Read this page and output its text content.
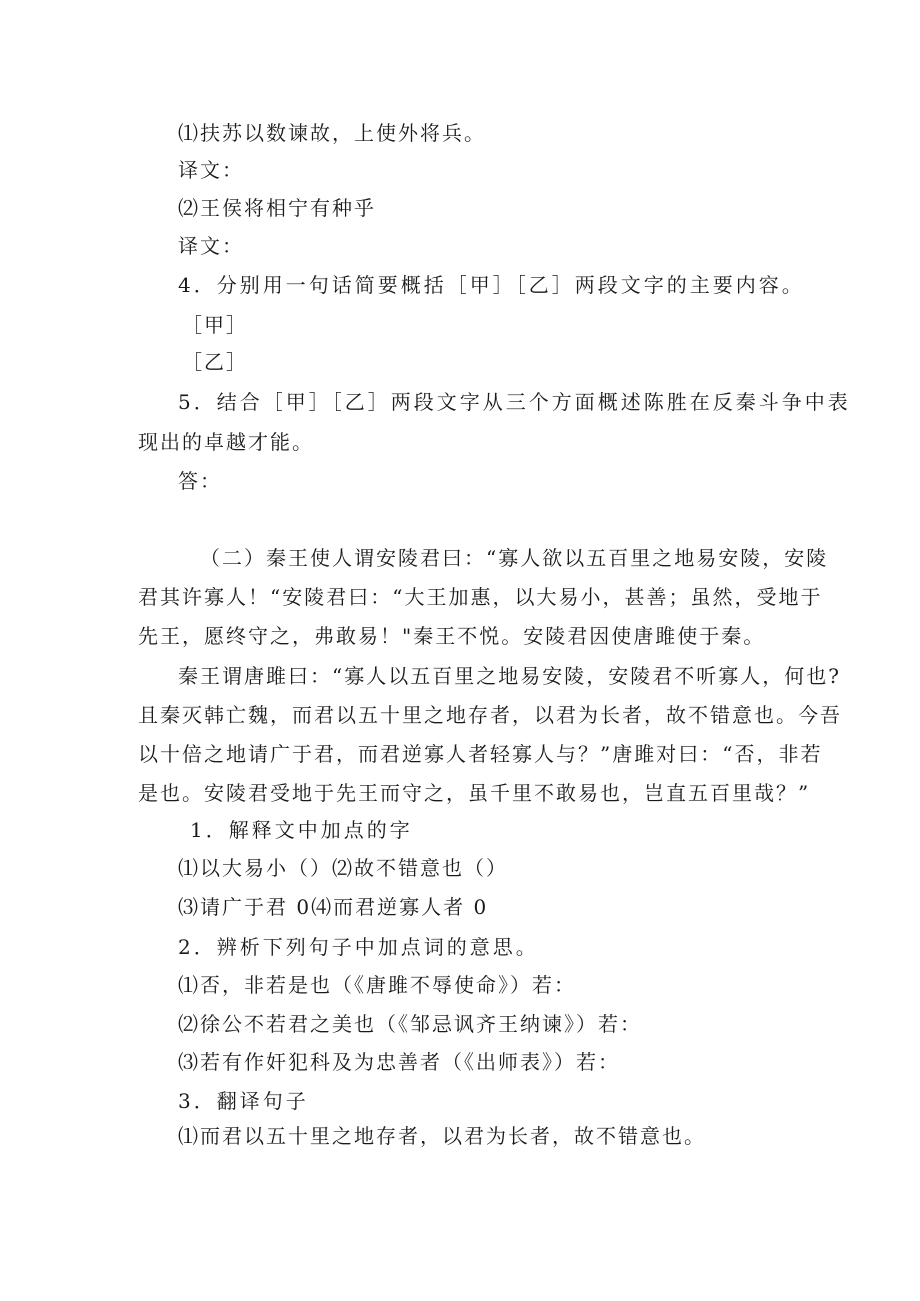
⑴扶苏以数谏故，上使外将兵。

译文：

⑵王侯将相宁有种乎

译文：

4．分别用一句话简要概括［甲］［乙］两段文字的主要内容。

［甲］

［乙］

5．结合［甲］［乙］两段文字从三个方面概述陈胜在反秦斗争中表

现出的卓越才能。

答：

（二）秦王使人谓安陵君曰：“寡人欲以五百里之地易安陵，安陵

君其许寡人！“安陵君曰：“大王加惠，以大易小，甚善；虽然，受地于

先王，愿终守之，弗敢易！"秦王不悦。安陵君因使唐雎使于秦。

秦王谓唐雎曰：“寡人以五百里之地易安陵，安陵君不听寡人，何也?

且秦灭韩亡魏，而君以五十里之地存者，以君为长者，故不错意也。今吾

以十倍之地请广于君，而君逆寡人者轻寡人与？”唐雎对曰：“否，非若

是也。安陵君受地于先王而守之，虽千里不敢易也，岂直五百里哉？”

1．解释文中加点的字

⑴以大易小（）⑵故不错意也（）

⑶请广于君 0⑷而君逆寡人者 0

2．辨析下列句子中加点词的意思。

⑴否，非若是也（《唐雎不辱使命》）若：

⑵徐公不若君之美也（《邹忌讽齐王纳谏》）若：

⑶若有作奸犯科及为忠善者（《出师表》）若：

3．翻译句子

⑴而君以五十里之地存者，以君为长者，故不错意也。
